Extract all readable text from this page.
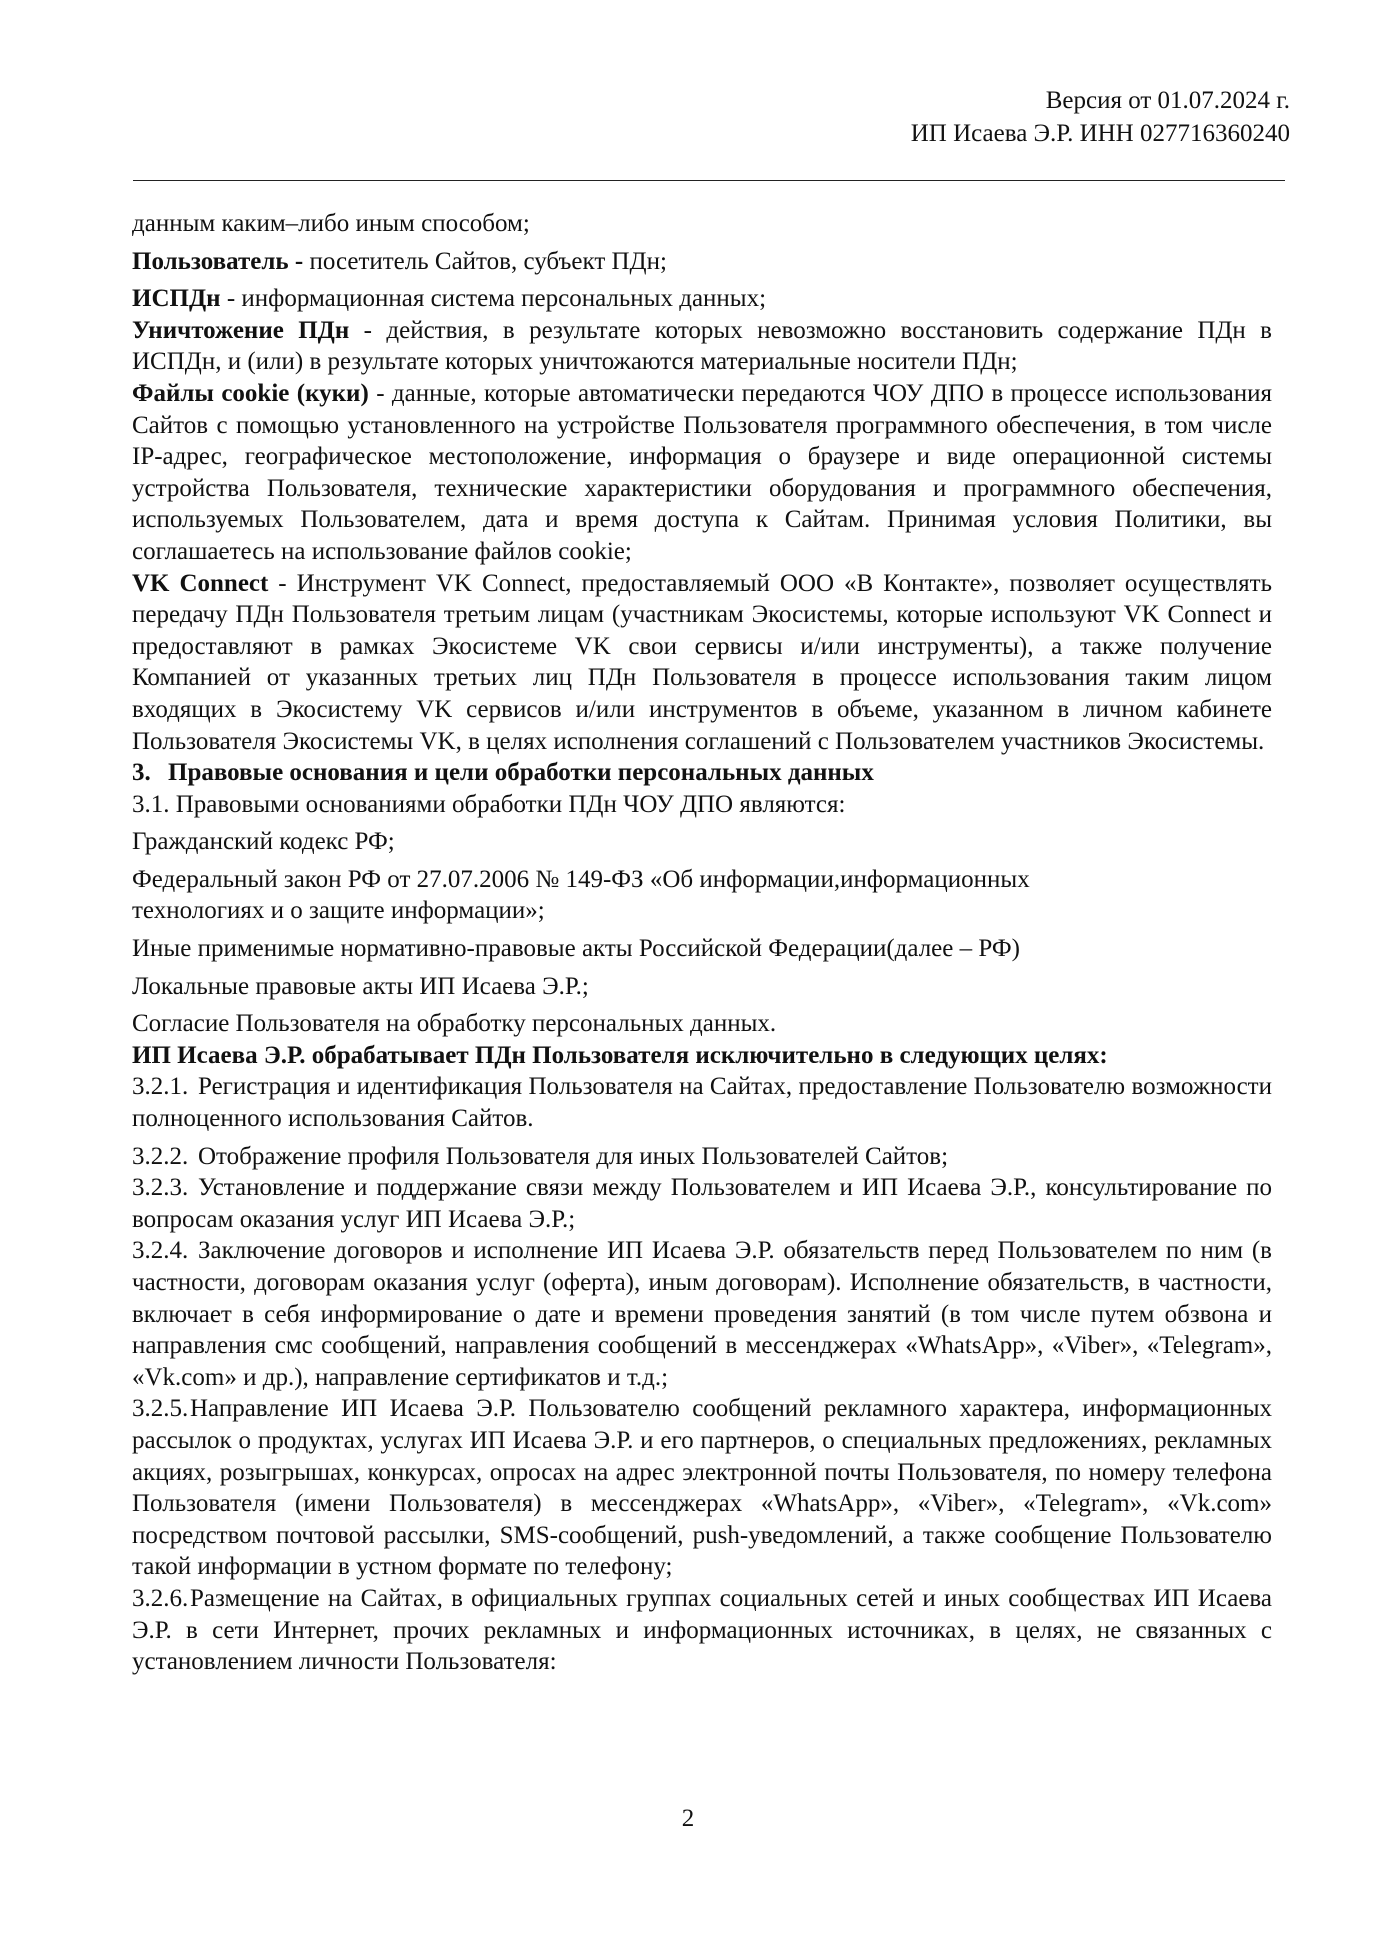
Версия от 01.07.2024 г.
ИП Исаева Э.Р. ИНН 027716360240

данным каким–либо иным способом;

Пользователь - посетитель Сайтов, субъект ПДн;

ИСПДн - информационная система персональных данных;

Уничтожение ПДн - действия, в результате которых невозможно восстановить содержание ПДн в ИСПДн, и (или) в результате которых уничтожаются материальные носители ПДн;

Файлы cookie (куки) - данные, которые автоматически передаются ЧОУ ДПО в процессе использования Сайтов с помощью установленного на устройстве Пользователя программного обеспечения, в том числе IP-адрес, географическое местоположение, информация о браузере и виде операционной системы устройства Пользователя, технические характеристики оборудования и программного обеспечения, используемых Пользователем, дата и время доступа к Сайтам. Принимая условия Политики, вы соглашаетесь на использование файлов cookie;

VK Connect - Инструмент VK Connect, предоставляемый ООО «В Контакте», позволяет осуществлять передачу ПДн Пользователя третьим лицам (участникам Экосистемы, которые используют VK Connect и предоставляют в рамках Экосистеме VK свои сервисы и/или инструменты), а также получение Компанией от указанных третьих лиц ПДн Пользователя в процессе использования таким лицом входящих в Экосистему VK сервисов и/или инструментов в объеме, указанном в личном кабинете Пользователя Экосистемы VK, в целях исполнения соглашений с Пользователем участников Экосистемы.

3. Правовые основания и цели обработки персональных данных

3.1. Правовыми основаниями обработки ПДн ЧОУ ДПО являются:

Гражданский кодекс РФ;

Федеральный закон РФ от 27.07.2006 № 149-ФЗ «Об информации,информационных

технологиях и о защите информации»;

Иные применимые нормативно-правовые акты Российской Федерации(далее – РФ)

Локальные правовые акты ИП Исаева Э.Р.;

Согласие Пользователя на обработку персональных данных.

ИП Исаева Э.Р. обрабатывает ПДн Пользователя исключительно в следующих целях:

3.2.1. Регистрация и идентификация Пользователя на Сайтах, предоставление Пользователю возможности полноценного использования Сайтов.

3.2.2. Отображение профиля Пользователя для иных Пользователей Сайтов;

3.2.3. Установление и поддержание связи между Пользователем и ИП Исаева Э.Р., консультирование по вопросам оказания услуг ИП Исаева Э.Р.;

3.2.4. Заключение договоров и исполнение ИП Исаева Э.Р. обязательств перед Пользователем по ним (в частности, договорам оказания услуг (оферта), иным договорам). Исполнение обязательств, в частности, включает в себя информирование о дате и времени проведения занятий (в том числе путем обзвона и направления смс сообщений, направления сообщений в мессенджерах «WhatsApp», «Viber», «Telegram», «Vk.com» и др.), направление сертификатов и т.д.;

3.2.5.Направление ИП Исаева Э.Р. Пользователю сообщений рекламного характера, информационных рассылок о продуктах, услугах ИП Исаева Э.Р. и его партнеров, о специальных предложениях, рекламных акциях, розыгрышах, конкурсах, опросах на адрес электронной почты Пользователя, по номеру телефона Пользователя (имени Пользователя) в мессенджерах «WhatsApp», «Viber», «Telegram», «Vk.com» посредством почтовой рассылки, SMS-сообщений, push-уведомлений, а также сообщение Пользователю такой информации в устном формате по телефону;

3.2.6.Размещение на Сайтах, в официальных группах социальных сетей и иных сообществах ИП Исаева Э.Р. в сети Интернет, прочих рекламных и информационных источниках, в целях, не связанных с установлением личности Пользователя:

2
